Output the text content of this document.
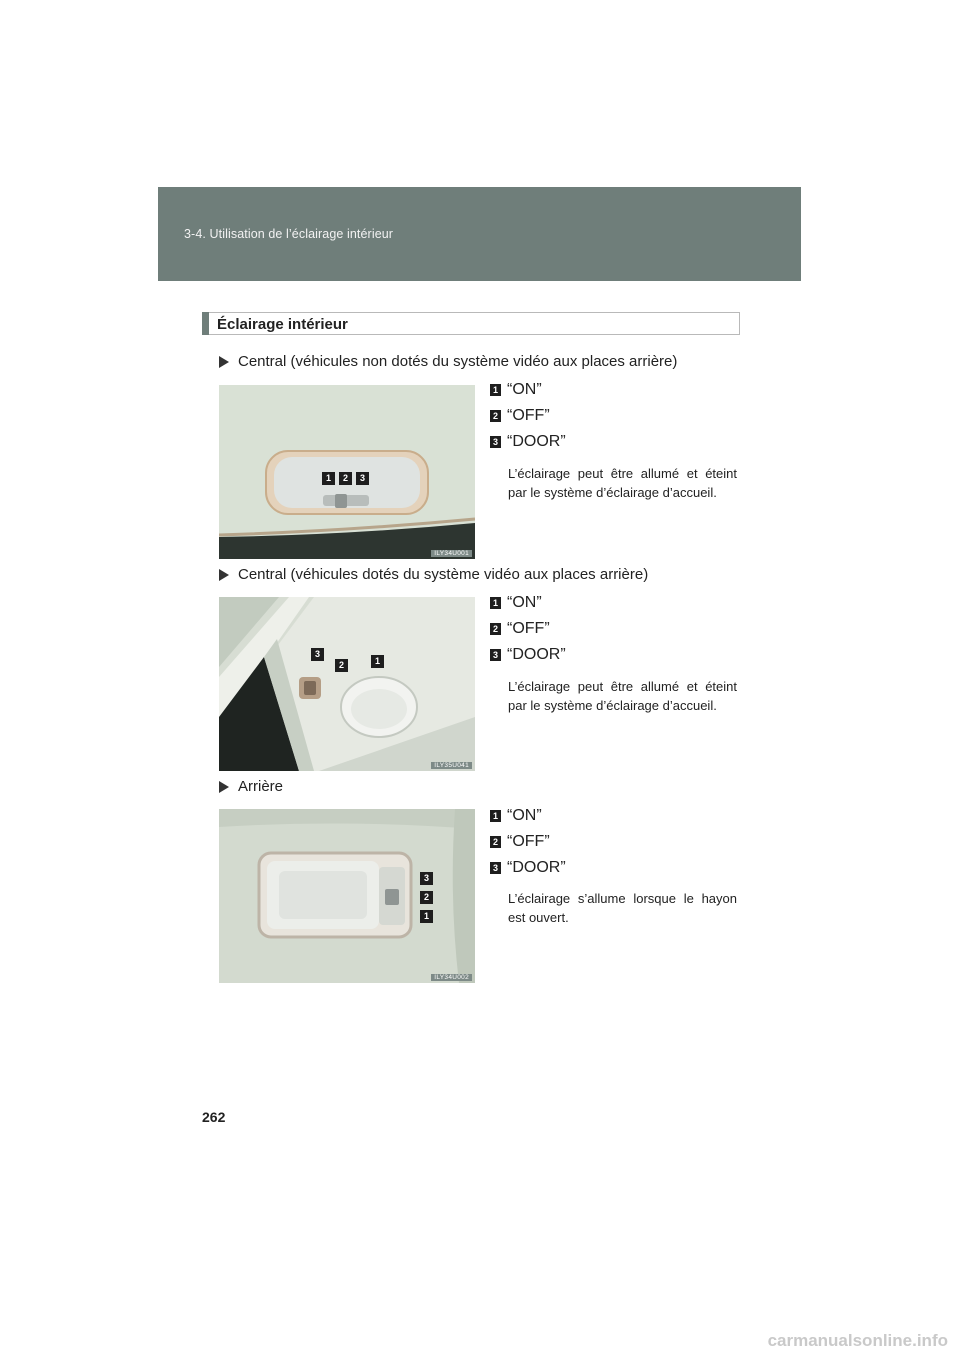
3-4. Utilisation de l’éclairage intérieur
Éclairage intérieur
Central (véhicules non dotés du système vidéo aux places arrière)
1	2	3
ILY34U001
1 “ON”
2 “OFF”
3 “DOOR”
L’éclairage peut être allumé et éteint par le système d’éclairage d’accueil.
Central (véhicules dotés du système vidéo aux places arrière)
3
2	1
ILY35U041
1 “ON”
2 “OFF”
3 “DOOR”
L’éclairage peut être allumé et éteint par le système d’éclairage d’accueil.
Arrière
3
2
1
ILY34U002
1 “ON”
2 “OFF”
3 “DOOR”
L’éclairage s’allume lorsque le hayon est ouvert.
262
carmanualsonline.info
